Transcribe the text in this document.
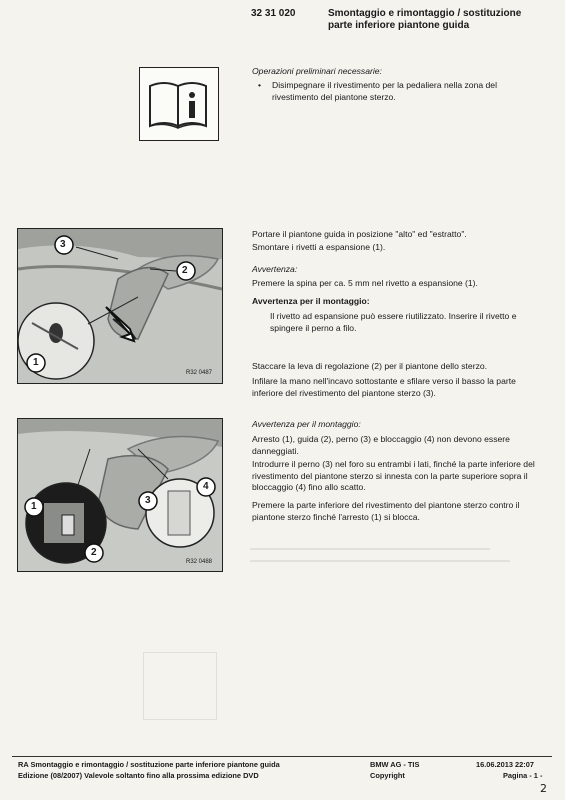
32 31 020	Smontaggio e rimontaggio / sostituzione parte inferiore piantone guida
Operazioni preliminari necessarie:
• Disimpegnare il rivestimento per la pedaliera nella zona del rivestimento del piantone sterzo.
3
2
1
R32 0487
Portare il piantone guida in posizione "alto" ed "estratto".
Smontare i rivetti a espansione (1).
Avvertenza:
Premere la spina per ca. 5 mm nel rivetto a espansione (1).
Avvertenza per il montaggio:
Il rivetto ad espansione può essere riutilizzato. Inserire il rivetto e spingere il perno a filo.
Staccare la leva di regolazione (2) per il piantone dello sterzo.
Infilare la mano nell'incavo sottostante e sfilare verso il basso la parte inferiore del rivestimento del piantone sterzo (3).
1
2
3
4
R32 0488
Avvertenza per il montaggio:
Arresto (1), guida (2), perno (3) e bloccaggio (4) non devono essere danneggiati.
Introdurre il perno (3) nel foro su entrambi i lati, finché la parte inferiore del rivestimento del piantone sterzo si innesta con la parte superiore sopra il bloccaggio (4) fino allo scatto.
Premere la parte inferiore del rivestimento del piantone sterzo contro il piantone sterzo finché l'arresto (1) si blocca.
RA Smontaggio e rimontaggio / sostituzione parte inferiore piantone guida
Edizione (08/2007) Valevole soltanto fino alla prossima edizione DVD
BMW AG - TIS
Copyright
16.06.2013 22:07
Pagina - 1 -
2
